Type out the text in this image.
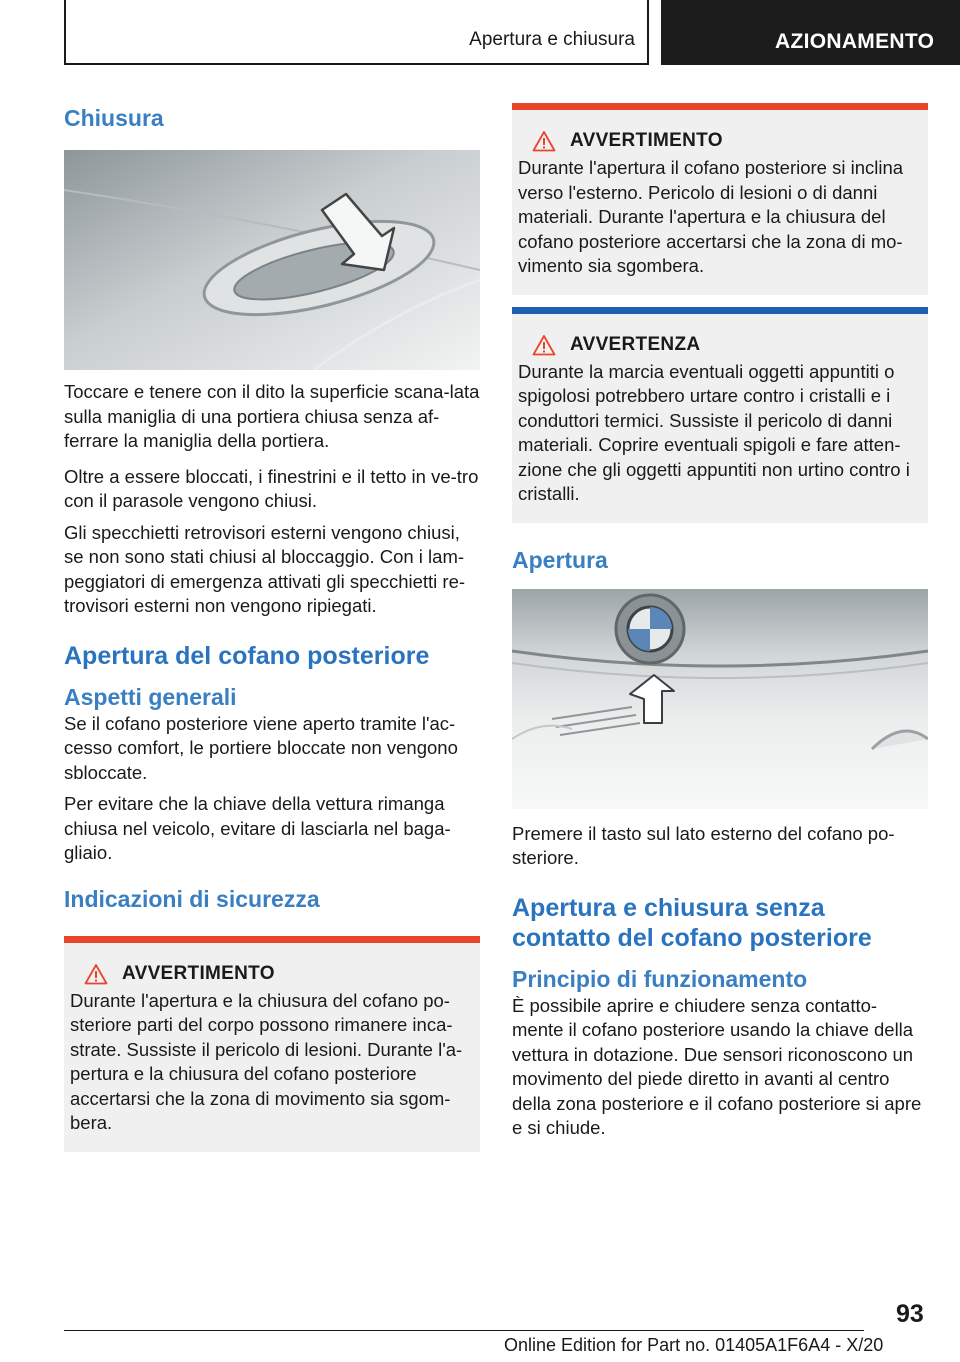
Apertura e chiusura	AZIONAMENTO
Chiusura
Toccare e tenere con il dito la superficie scana-lata sulla maniglia di una portiera chiusa senza af-ferrare la maniglia della portiera.
Oltre a essere bloccati, i finestrini e il tetto in ve-tro con il parasole vengono chiusi.
Gli specchietti retrovisori esterni vengono chiusi, se non sono stati chiusi al bloccaggio. Con i lam-peggiatori di emergenza attivati gli specchietti re-trovisori esterni non vengono ripiegati.
Apertura del cofano posteriore
Aspetti generali
Se il cofano posteriore viene aperto tramite l'ac-cesso comfort, le portiere bloccate non vengono sbloccate.
Per evitare che la chiave della vettura rimanga chiusa nel veicolo, evitare di lasciarla nel baga-gliaio.
Indicazioni di sicurezza
AVVERTIMENTO
Durante l'apertura e la chiusura del cofano po-steriore parti del corpo possono rimanere inca-strate. Sussiste il pericolo di lesioni. Durante l'a-pertura e la chiusura del cofano posteriore accertarsi che la zona di movimento sia sgom-bera.
AVVERTIMENTO
Durante l'apertura il cofano posteriore si inclina verso l'esterno. Pericolo di lesioni o di danni materiali. Durante l'apertura e la chiusura del cofano posteriore accertarsi che la zona di mo-vimento sia sgombera.
AVVERTENZA
Durante la marcia eventuali oggetti appuntiti o spigolosi potrebbero urtare contro i cristalli e i conduttori termici. Sussiste il pericolo di danni materiali. Coprire eventuali spigoli e fare atten-zione che gli oggetti appuntiti non urtino contro i cristalli.
Apertura
Premere il tasto sul lato esterno del cofano po-steriore.
Apertura e chiusura senza contatto del cofano posteriore
Principio di funzionamento
È possibile aprire e chiudere senza contatto-mente il cofano posteriore usando la chiave della vettura in dotazione. Due sensori riconoscono un movimento del piede diretto in avanti al centro della zona posteriore e il cofano posteriore si apre e si chiude.
93
Online Edition for Part no. 01405A1F6A4 - X/20
